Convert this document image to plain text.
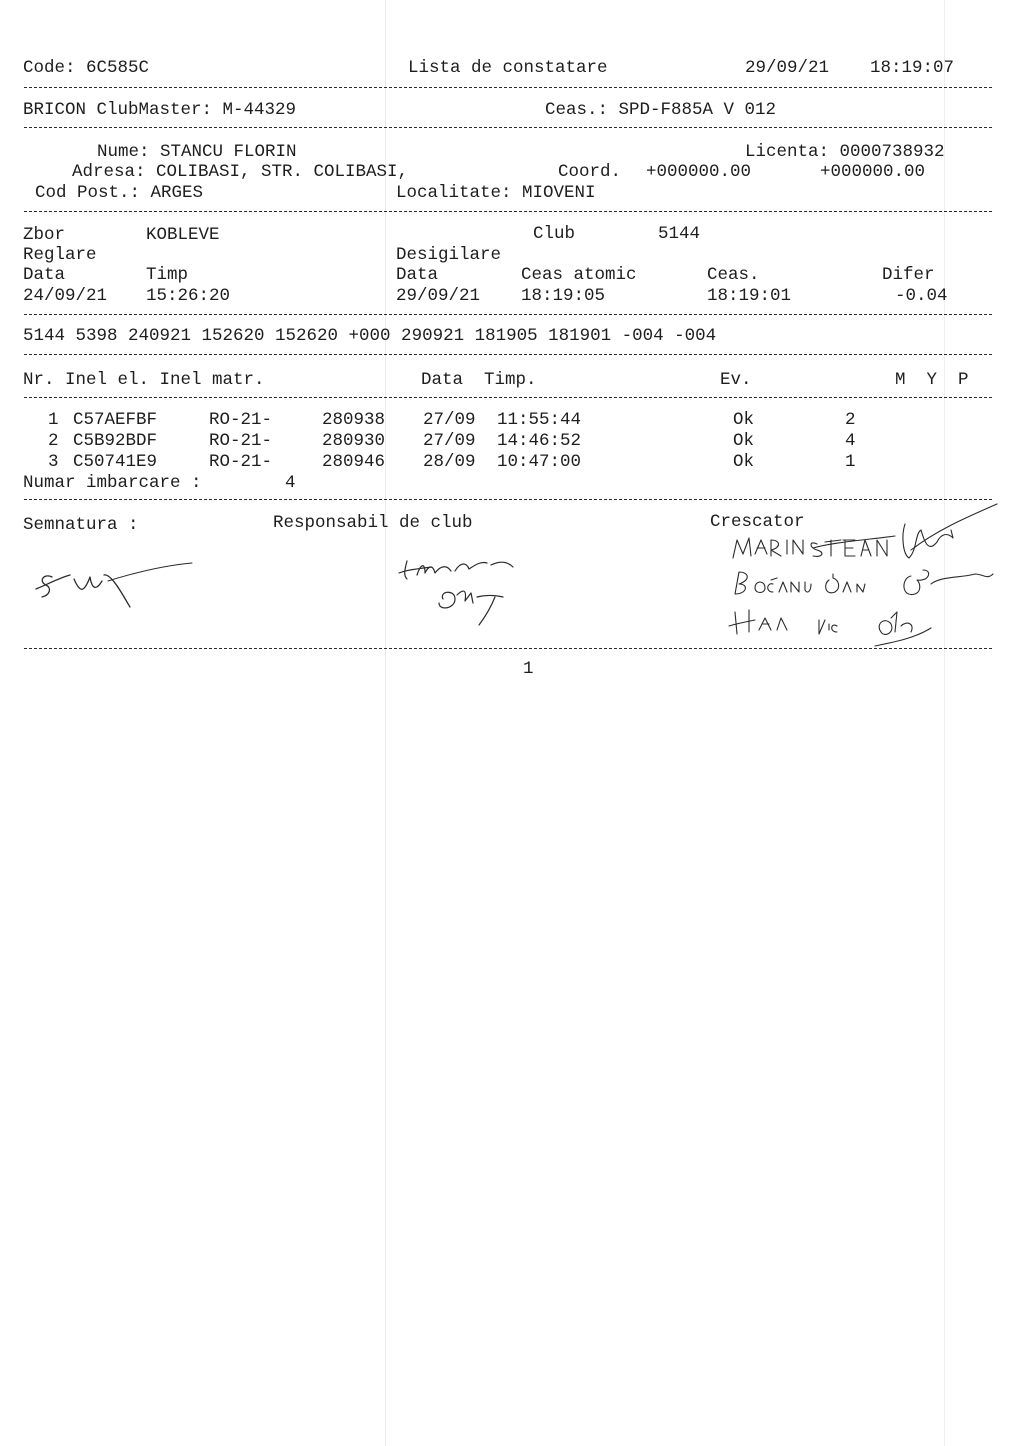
Code: 6C585C	Lista de constatare	29/09/21 18:19:07
BRICON ClubMaster: M-44329	Ceas.: SPD-F885A V 012
Nume: STANCU FLORIN	Licenta: 0000738932
Adresa: COLIBASI, STR. COLIBASI,	Coord. +000000.00	+000000.00
Cod Post.: ARGES	Localitate: MIOVENI
Zbor	KOBLEVE	Club	5144
Reglare	Desigilare
Data	Timp	Data	Ceas atomic	Ceas.	Difer
24/09/21 15:26:20	29/09/21 18:19:05	18:19:01	-0.04
5144 5398 240921 152620 152620 +000 290921 181905 181901 -004 -004
Nr. Inel el. Inel matr.	Data  Timp.	Ev.	M  Y  P
1 C57AEFBF	RO-21-	280938 27/09 11:55:44	Ok	2
2 C5B92BDF	RO-21-	280930 27/09 14:46:52	Ok	4
3 C50741E9	RO-21-	280946 28/09 10:47:00	Ok	1
Numar imbarcare :	4
Semnatura :	Responsabil de club	Crescator
1
